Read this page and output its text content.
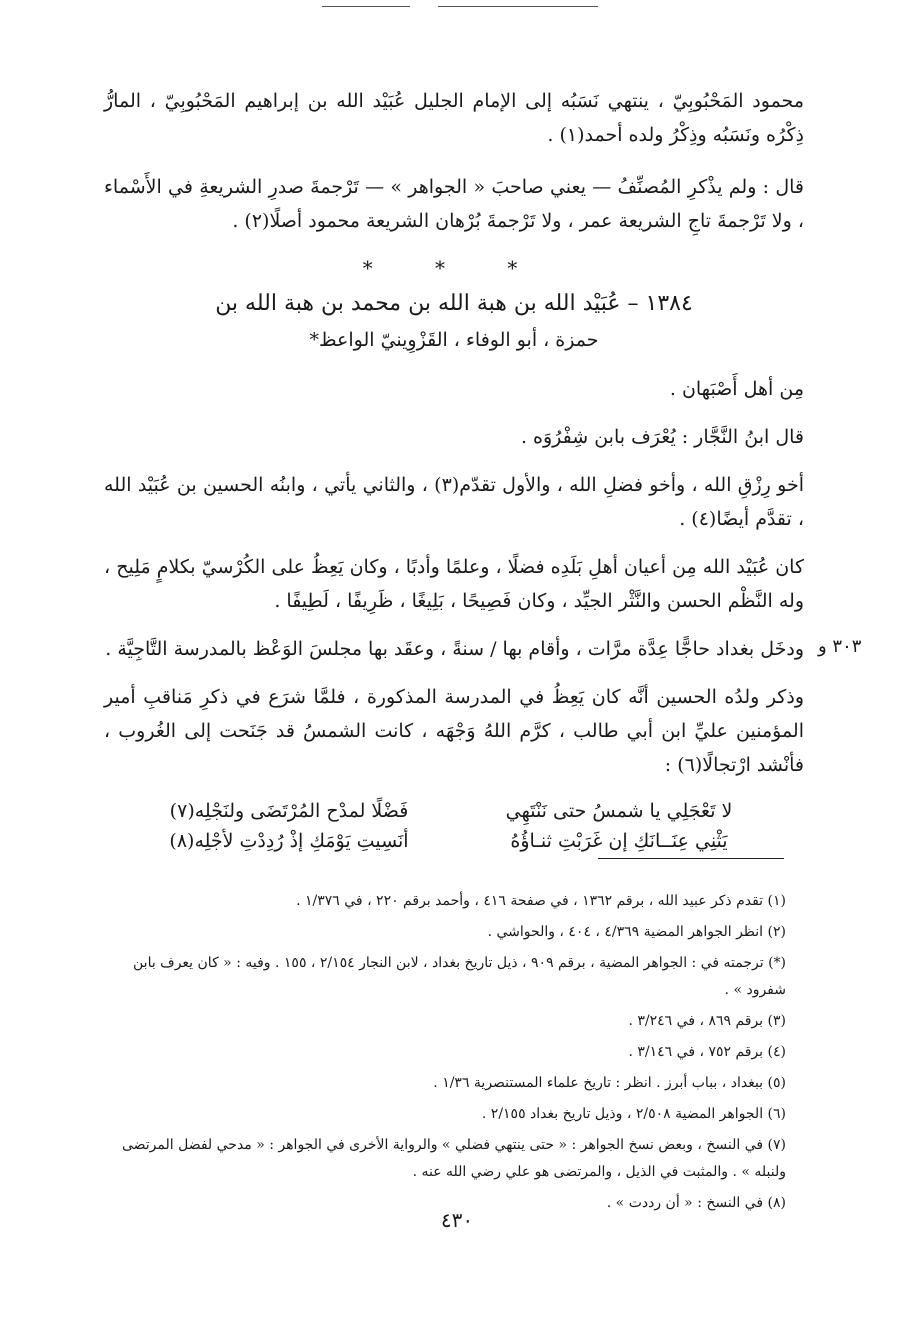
محمود المَحْبُوبِيّ ، ينتهي نَسَبُه إلى الإمام الجليل عُبَيْد الله بن إبراهيم المَحْبُوبِيّ ، المارُّ ذِكْرُه ونَسَبُه وذِكْرُ ولده أحمد(١) .

قال : ولم يذْكرِ المُصنِّفُ — يعني صاحبَ « الجواهر » — تَرْجمةَ صدرِ الشريعةِ في الأَسْماء ، ولا تَرْجمةَ تاجِ الشريعة عمر ، ولا تَرْجمةَ بُرْهان الشريعة محمود أصلًا(٢) .

* * *
١٣٨٤ – عُبَيْد الله بن هبة الله بن محمد بن هبة الله بن
حمزة ، أبو الوفاء ، القَزْوِينيّ الواعظ*

مِن أهل أَصْبَهان .

قال ابنُ النَّجَّار : يُعْرَف بابن شِفْرُوَه .

أخو رِزْقِ الله ، وأخو فضلِ الله ، والأول تقدّم(٣) ، والثاني يأتي ، وابنُه الحسين بن عُبَيْد الله ، تقدَّم أيضًا(٤) .

كان عُبَيْد الله مِن أعيان أهلِ بَلَدِه فضلًا ، وعلمًا وأدبًا ، وكان يَعِظُ على الكُرْسيّ بكلامٍ مَلِيح ، وله النَّظْم الحسن والنَّثْر الجيِّد ، وكان فَصِيحًا ، بَلِيغًا ، ظَرِيفًا ، لَطِيفًا .

ودخَل بغداد حاجًّا عِدَّة مرَّات ، وأقام بها / سنةً ، وعقَد بها مجلسَ الوَعْظ بالمدرسة التَّاجِيَّة .

وذكر ولدُه الحسين أنَّه كان يَعِظُ في المدرسة المذكورة ، فلمَّا شرَع في ذكرِ مَناقبِ أمير المؤمنين عليِّ ابن أبي طالب ، كرَّم اللهُ وَجْهَه ، كانت الشمسُ قد جَنَحت إلى الغُروب ، فأنْشد ارْتجالًا(٦) :

لا تَعْجَلِي يا شمسُ حتى نَنْتَهِي
فَضْلًا لمدْح المُرْتَضَى ولنَجْلِه(٧)
يَثْنِي عِنَــانَكِ إن غَرَبْتِ ثنـاؤُهُ
أنَسِيتِ يَوْمَكِ إذْ رُدِدْتِ لأجْلِه(٨)
٣٠٣ و
(١) تقدم ذكر عبيد الله ، برقم ١٣٦٢ ، في صفحة ٤١٦ ، وأحمد برقم ٢٢٠ ، في ١/٣٧٦ .
(٢) انظر الجواهر المضية ٤/٣٦٩ ، ٤٠٤ ، والحواشي .
(*) ترجمته في : الجواهر المضية ، برقم ٩٠٩ ، ذيل تاريخ بغداد ، لابن النجار ٢/١٥٤ ، ١٥٥ . وفيه : « كان يعرف بابن شفرود » .
(٣) برقم ٨٦٩ ، في ٣/٢٤٦ .
(٤) برقم ٧٥٢ ، في ٣/١٤٦ .
(٥) ببغداد ، بباب أبرز . انظر : تاريخ علماء المستنصرية ١/٣٦ .
(٦) الجواهر المضية ٢/٥٠٨ ، وذيل تاريخ بغداد ٢/١٥٥ .
(٧) في النسخ ، وبعض نسخ الجواهر : « حتى ينتهي فضلي » والرواية الأخرى في الجواهر : « مدحي لفضل المرتضى ولنبله » . والمثبت في الذيل ، والمرتضى هو علي رضي الله عنه .
(٨) في النسخ : « أن رددت » .
٤٣٠
